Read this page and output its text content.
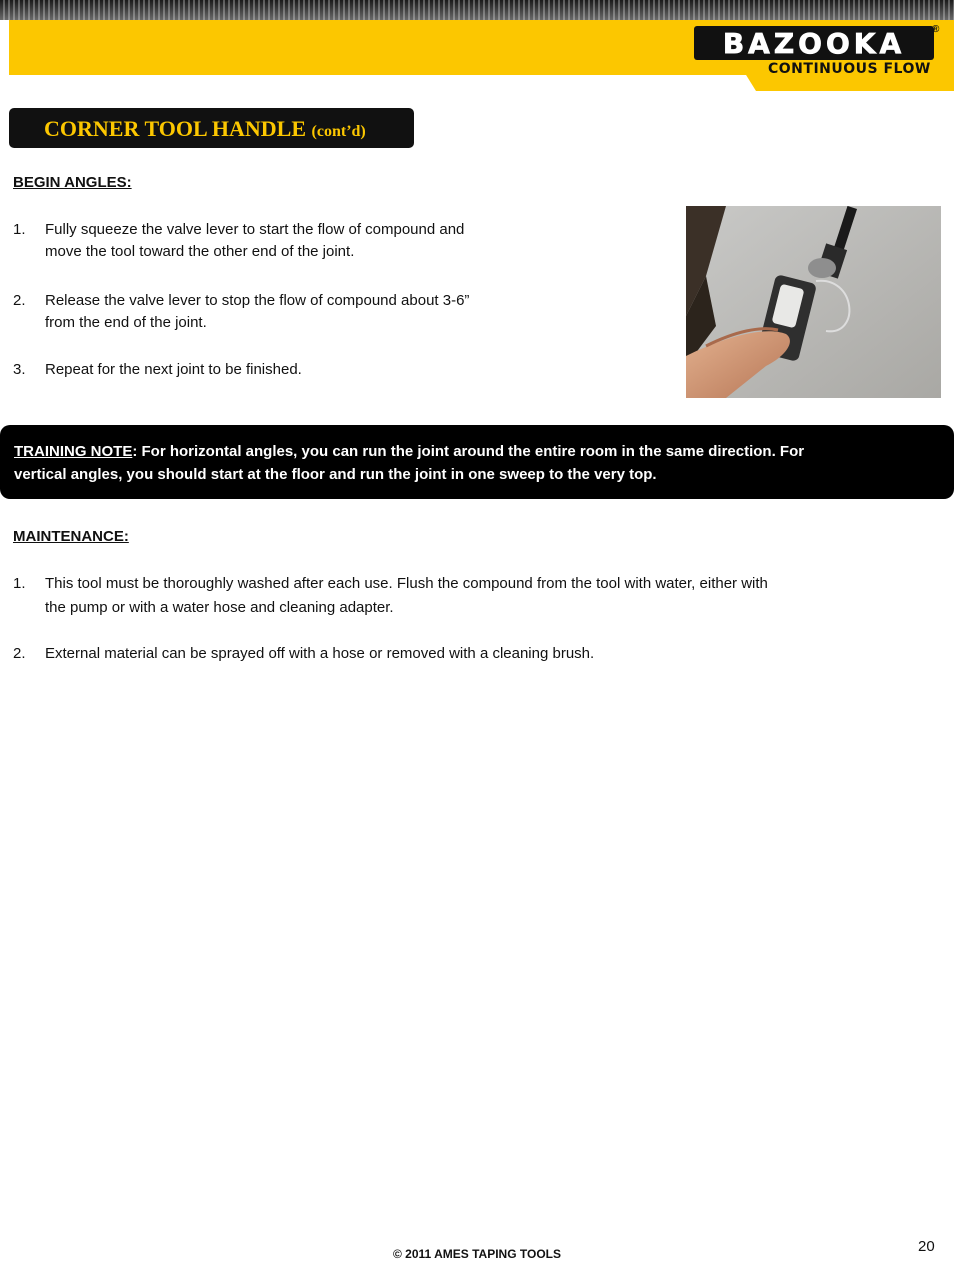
BAZOOKA	®
CONTINUOUS FLOW
CORNER TOOL HANDLE (cont’d)
BEGIN ANGLES:
1. Fully squeeze the valve lever to start the flow of compound and
move the tool toward the other end of the joint.
2. Release the valve lever to stop the flow of compound about 3-6”
from the end of the joint.
3. Repeat for the next joint to be finished.
TRAINING NOTE: For horizontal angles, you can run the joint around the entire room in the same direction. For
vertical angles, you should start at the floor and run the joint in one sweep to the very top.
MAINTENANCE:
1. This tool must be thoroughly washed after each use. Flush the compound from the tool with water, either with
the pump or with a water hose and cleaning adapter.
2. External material can be sprayed off with a hose or removed with a cleaning brush.
© 2011 AMES TAPING TOOLS	20
